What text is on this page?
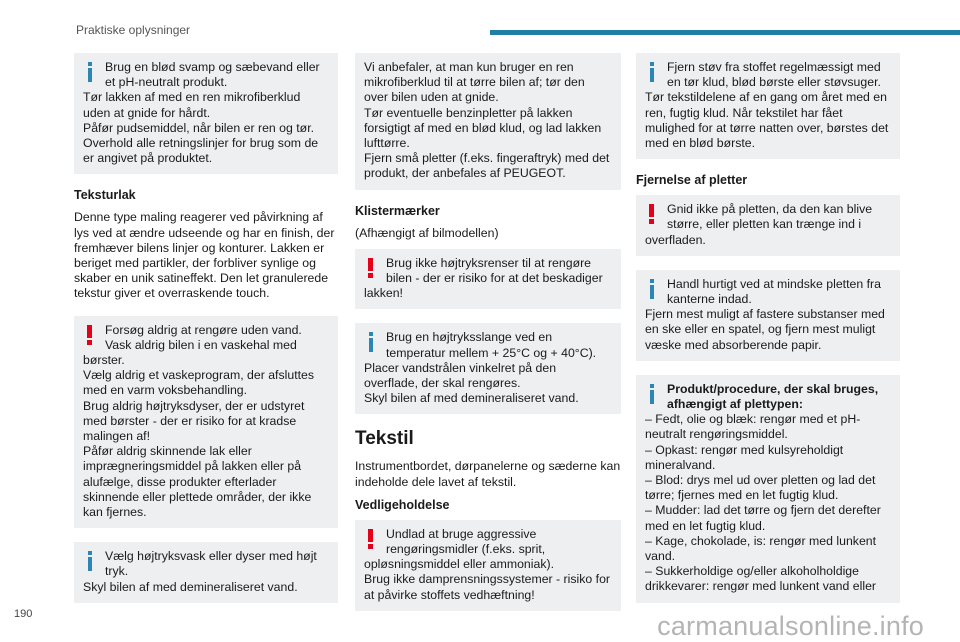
Praktiske oplysninger

Brug en blød svamp og sæbevand eller et pH-neutralt produkt.

Tør lakken af med en ren mikrofiberklud uden at gnide for hårdt.
Påfør pudsemiddel, når bilen er ren og tør.
Overhold alle retningslinjer for brug som de er angivet på produktet.

Teksturlak
Denne type maling reagerer ved påvirkning af lys ved at ændre udseende og har en finish, der fremhæver bilens linjer og konturer. Lakken er beriget med partikler, der forbliver synlige og skaber en unik satineffekt. Den let granulerede tekstur giver et overraskende touch.

Forsøg aldrig at rengøre uden vand. Vask aldrig bilen i en vaskehal med

børster.
Vælg aldrig et vaskeprogram, der afsluttes med en varm voksbehandling.
Brug aldrig højtryksdyser, der er udstyret med børster - der er risiko for at kradse malingen af!
Påfør aldrig skinnende lak eller imprægneringsmiddel på lakken eller på alufælge, disse produkter efterlader skinnende eller plettede områder, der ikke kan fjernes.

Vælg højtryksvask eller dyser med højt tryk.

Skyl bilen af med demineraliseret vand.

Vi anbefaler, at man kun bruger en ren mikrofiberklud til at tørre bilen af; tør den over bilen uden at gnide.
Tør eventuelle benzinpletter på lakken forsigtigt af med en blød klud, og lad lakken lufttørre.
Fjern små pletter (f.eks. fingeraftryk) med det produkt, der anbefales af PEUGEOT.

Klistermærker
(Afhængigt af bilmodellen)

Brug ikke højtryksrenser til at rengøre bilen - der er risiko for at det beskadiger

lakken!

Brug en højtryksslange ved en temperatur mellem + 25°C og + 40°C).

Placer vandstrålen vinkelret på den overflade, der skal rengøres.
Skyl bilen af med demineraliseret vand.

Tekstil
Instrumentbordet, dørpanelerne og sæderne kan indeholde dele lavet af tekstil.
Vedligeholdelse

Undlad at bruge aggressive rengøringsmidler (f.eks. sprit,

opløsningsmiddel eller ammoniak).
Brug ikke damprensningssystemer - risiko for at påvirke stoffets vedhæftning!

Fjern støv fra stoffet regelmæssigt med en tør klud, blød børste eller støvsuger.

Tør tekstildelene af en gang om året med en ren, fugtig klud. Når tekstilet har fået mulighed for at tørre natten over, børstes det med en blød børste.

Fjernelse af pletter

Gnid ikke på pletten, da den kan blive større, eller pletten kan trænge ind i

overfladen.

Handl hurtigt ved at mindske pletten fra kanterne indad.

Fjern mest muligt af fastere substanser med en ske eller en spatel, og fjern mest muligt væske med absorberende papir.

Produkt/procedure, der skal bruges, afhængigt af plettypen:

– Fedt, olie og blæk: rengør med et pH-neutralt rengøringsmiddel.
– Opkast: rengør med kulsyreholdigt mineralvand.
– Blod: drys mel ud over pletten og lad det tørre; fjernes med en let fugtig klud.
– Mudder: lad det tørre og fjern det derefter med en let fugtig klud.
– Kage, chokolade, is: rengør med lunkent vand.
– Sukkerholdige og/eller alkoholholdige drikkevarer: rengør med lunkent vand eller

190	carmanualsonline.info
